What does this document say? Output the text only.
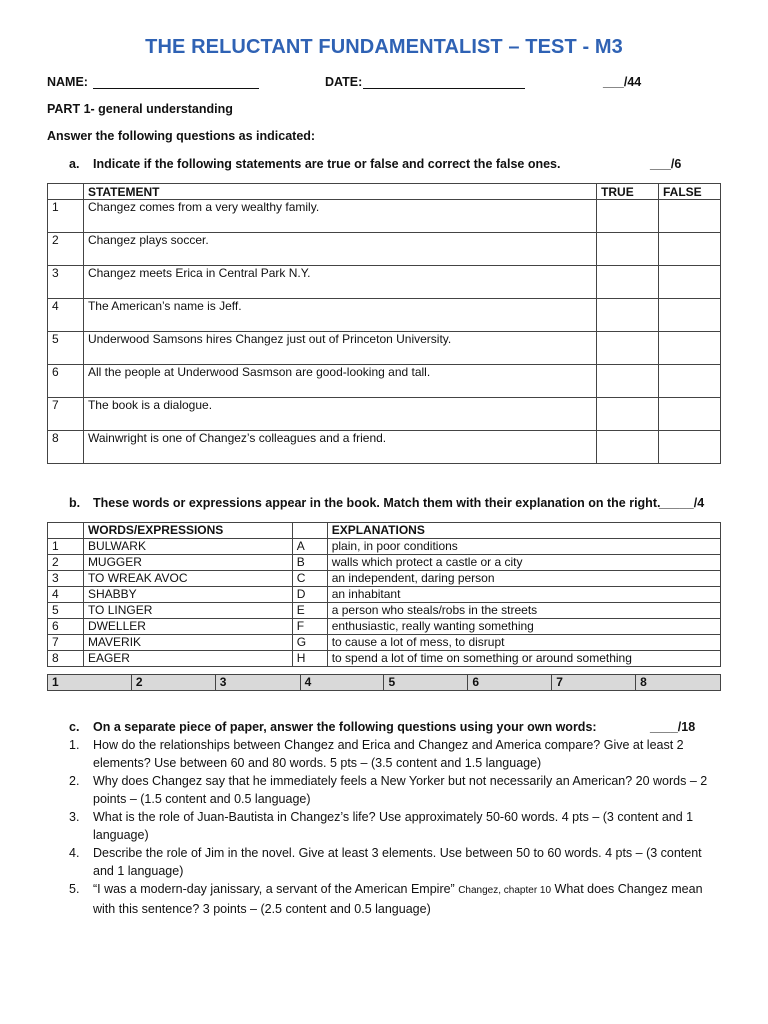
THE RELUCTANT FUNDAMENTALIST – TEST - M3
NAME:	DATE:	___/44
PART 1- general understanding
Answer the following questions as indicated:
a. Indicate if the following statements are true or false and correct the false ones.	___/6
	STATEMENT	TRUE	FALSE
1	Changez comes from a very wealthy family.		
2	Changez plays soccer.		
3	Changez meets Erica in Central Park N.Y.		
4	The American’s name is Jeff.		
5	Underwood Samsons hires Changez just out of Princeton University.		
6	All the people at Underwood Sasmson are good-looking and tall.		
7	The book is a dialogue.		
8	Wainwright is one of Changez’s colleagues and a friend.		
b. These words or expressions appear in the book. Match them with their explanation on the right.
_____/4
	WORDS/EXPRESSIONS		EXPLANATIONS
1	BULWARK	A	plain, in poor conditions
2	MUGGER	B	walls which protect a castle or a city
3	TO WREAK AVOC	C	an independent, daring person
4	SHABBY	D	an inhabitant
5	TO LINGER	E	a person who steals/robs in the streets
6	DWELLER	F	enthusiastic, really wanting something
7	MAVERIK	G	to cause a lot of mess, to disrupt
8	EAGER	H	to spend a lot of time on something or around something
1	2	3	4	5	6	7	8
c. On a separate piece of paper, answer the following questions using your own words:	____/18
1. How do the relationships between Changez and Erica and Changez and America compare? Give at least 2 elements? Use between 60 and 80 words. 5 pts – (3.5 content and 1.5 language)
2. Why does Changez say that he immediately feels a New Yorker but not necessarily an American? 20 words – 2 points – (1.5 content and 0.5 language)
3. What is the role of Juan-Bautista in Changez’s life? Use approximately 50-60 words. 4 pts – (3 content and 1 language)
4. Describe the role of Jim in the novel. Give at least 3 elements. Use between 50 to 60 words. 4 pts – (3 content and 1 language)
5. “I was a modern-day janissary, a servant of the American Empire” Changez, chapter 10 What does Changez mean with this sentence? 3 points – (2.5 content and 0.5 language)
